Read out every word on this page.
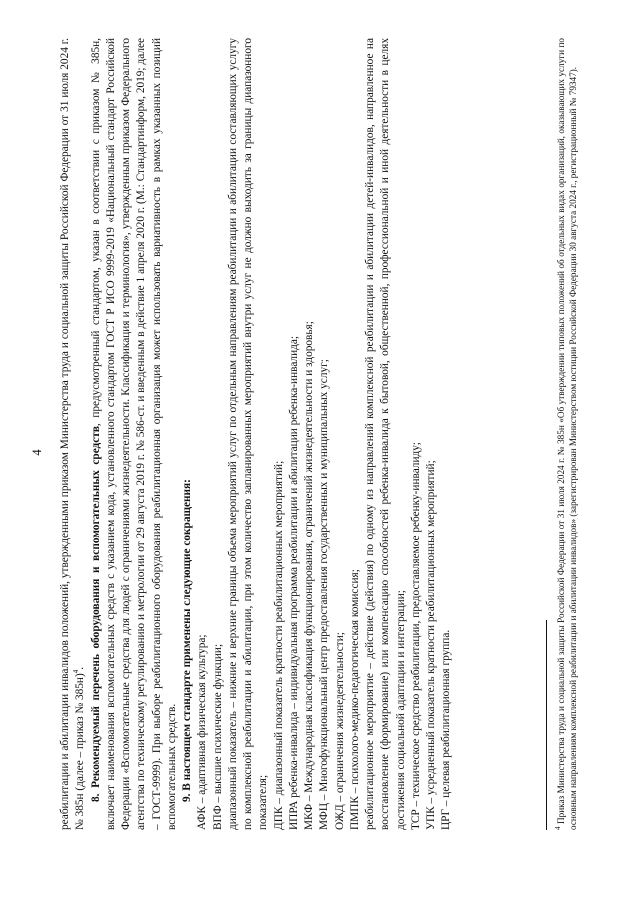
4 реабилитации и абилитации инвалидов положений, утвержденными приказом Министерства труда и социальной защиты Российской Федерации от 31 июля 2024 г. № 385н (далее – приказ № 385н)$^4$. 8. Рекомендуемый перечень оборудования и вспомогательных средств, предусмотренный стандартом, указан в соответствии с приказом № 385н, включает наименования вспомогательных средств с указанием кода, установленного стандартом ГОСТ Р ИСО 9999-2019 «Национальный стандарт Российской Федерации «Вспомогательные средства для людей с ограничениями жизнедеятельности. Классификация и терминология», утвержденным приказом Федерального агентства по техническому регулированию и метрологии от 29 августа 2019 г. № 586-ст. и введенным в действие 1 апреля 2020 г. (М.: Стандартинформ, 2019; далее – ГОСТ-9999). При выборе реабилитационного оборудования реабилитационная организация может использовать вариативность в рамках указанных позиций вспомогательных средств. 9. В настоящем стандарте применены следующие сокращения: АФК – адаптивная физическая культура; ВПФ – высшие психические функции; диапазонный показатель – нижние и верхние границы объема мероприятий услуг по отдельным направлениям реабилитации и абилитации составляющих услугу по комплексной реабилитации и абилитации, при этом количество запланированных мероприятий внутри услуг не должно выходить за границы диапазонного показателя; ДПК – диапазонный показатель кратности реабилитационных мероприятий; ИПРА ребенка-инвалида – индивидуальная программа реабилитации и абилитации ребенка-инвалида; МКФ – Международная классификация функционирования, ограничений жизнедеятельности и здоровья; МФЦ – Многофункциональный центр предоставления государственных и муниципальных услуг; ОЖД – ограничения жизнедеятельности; ПМПК – психолого-медико-педагогическая комиссия; реабилитационное мероприятие – действие (действия) по одному из направлений комплексной реабилитации и абилитации детей-инвалидов, направленное на восстановление (формирование) или компенсацию способностей ребенка-инвалида к бытовой, общественной, профессиональной и иной деятельности в целях достижения социальной адаптации и интеграции; ТСР – техническое средство реабилитации, предоставляемое ребенку-инвалиду; УПК – усредненный показатель кратности реабилитационных мероприятий; ЦРГ – целевая реабилитационная группа.	$^4$ Приказ Министерства труда и социальной защиты Российской Федерации от 31 июля 2024 г. № 385н «Об утверждении типовых положений об отдельных видах организаций, оказывающих услуги по основным направлениям комплексной реабилитации и абилитации инвалидов» (зарегистрирован Министерством юстиции Российской Федерации 30 августа 2024 г., регистрационный № 79347).
